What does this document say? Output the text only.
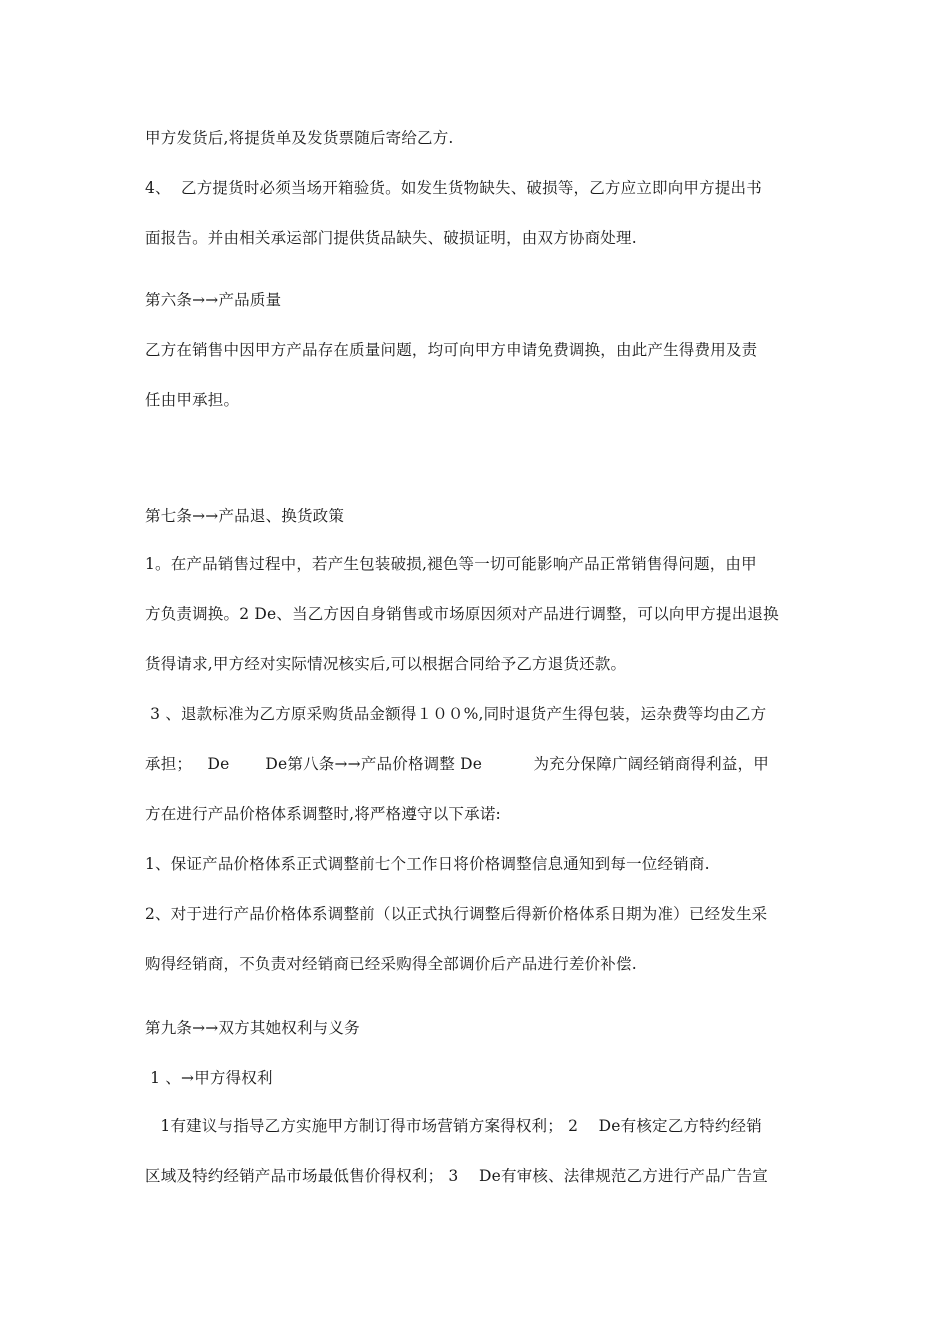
甲方发货后,将提货单及发货票随后寄给乙方.
4、  乙方提货时必须当场开箱验货。如发生货物缺失、破损等，乙方应立即向甲方提出书
面报告。并由相关承运部门提供货品缺失、破损证明，由双方协商处理.
第六条→→产品质量
乙方在销售中因甲方产品存在质量问题，均可向甲方申请免费调换，由此产生得费用及责
任由甲承担。
第七条→→产品退、换货政策
1。在产品销售过程中，若产生包装破损,褪色等一切可能影响产品正常销售得问题，由甲
方负责调换。2 De、当乙方因自身销售或市场原因须对产品进行调整，可以向甲方提出退换
货得请求,甲方经对实际情况核实后,可以根据合同给予乙方退货还款。
3 、退款标准为乙方原采购货品金额得１００%,同时退货产生得包装，运杂费等均由乙方
承担；   De       De第八条→→产品价格调整 De          为充分保障广阔经销商得利益，甲
方在进行产品价格体系调整时,将严格遵守以下承诺:
1、保证产品价格体系正式调整前七个工作日将价格调整信息通知到每一位经销商.
2、对于进行产品价格体系调整前（以正式执行调整后得新价格体系日期为准）已经发生采
购得经销商，不负责对经销商已经采购得全部调价后产品进行差价补偿.
第九条→→双方其她权利与义务
1 、→甲方得权利
1有建议与指导乙方实施甲方制订得市场营销方案得权利； 2    De有核定乙方特约经销
区域及特约经销产品市场最低售价得权利； 3    De有审核、法律规范乙方进行产品广告宣
